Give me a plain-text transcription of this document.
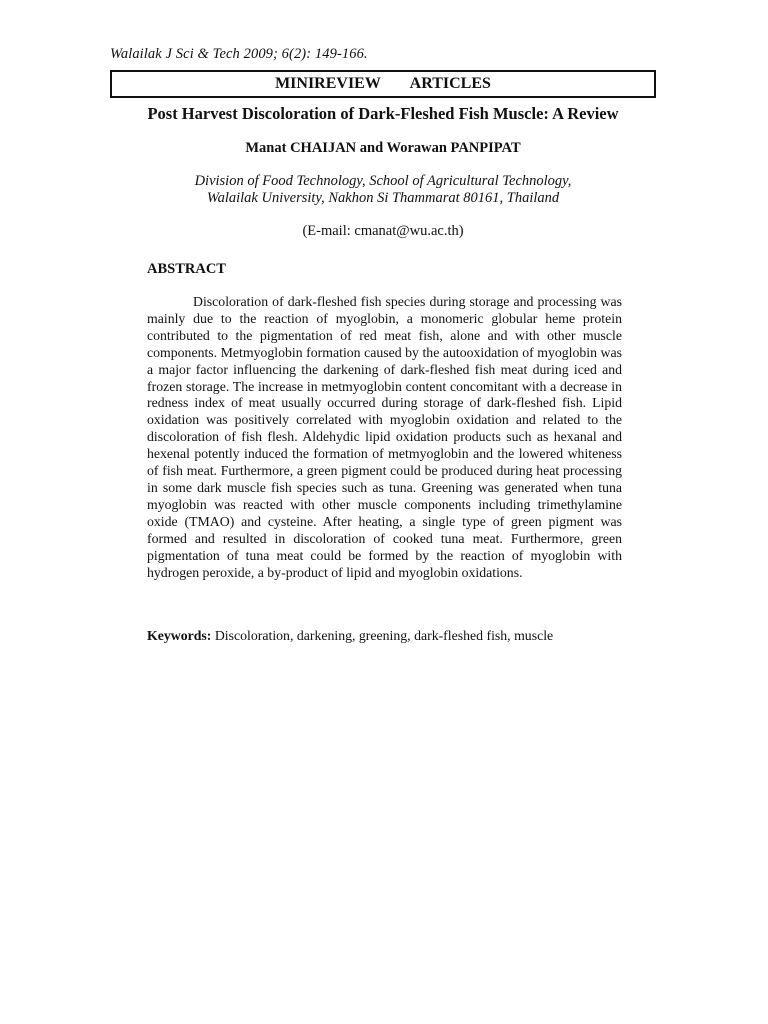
Walailak J Sci & Tech 2009; 6(2): 149-166.
MINIREVIEW   ARTICLES
Post Harvest Discoloration of Dark-Fleshed Fish Muscle: A Review
Manat CHAIJAN and Worawan PANPIPAT
Division of Food Technology, School of Agricultural Technology,
Walailak University, Nakhon Si Thammarat 80161, Thailand
(E-mail: cmanat@wu.ac.th)
ABSTRACT

Discoloration of dark-fleshed fish species during storage and processing was mainly due to the reaction of myoglobin, a monomeric globular heme protein contributed to the pigmentation of red meat fish, alone and with other muscle components. Metmyoglobin formation caused by the autooxidation of myoglobin was a major factor influencing the darkening of dark-fleshed fish meat during iced and frozen storage. The increase in metmyoglobin content concomitant with a decrease in redness index of meat usually occurred during storage of dark-fleshed fish. Lipid oxidation was positively correlated with myoglobin oxidation and related to the discoloration of fish flesh. Aldehydic lipid oxidation products such as hexanal and hexenal potently induced the formation of metmyoglobin and the lowered whiteness of fish meat. Furthermore, a green pigment could be produced during heat processing in some dark muscle fish species such as tuna. Greening was generated when tuna myoglobin was reacted with other muscle components including trimethylamine oxide (TMAO) and cysteine. After heating, a single type of green pigment was formed and resulted in discoloration of cooked tuna meat. Furthermore, green pigmentation of tuna meat could be formed by the reaction of myoglobin with hydrogen peroxide, a by-product of lipid and myoglobin oxidations.

Keywords: Discoloration, darkening, greening, dark-fleshed fish, muscle
